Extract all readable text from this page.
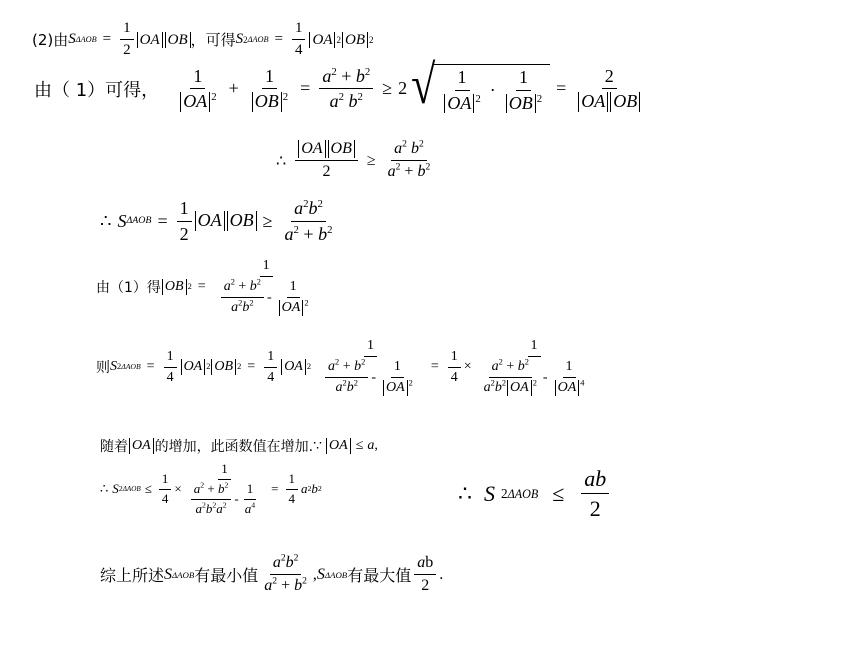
(2)由 S $\Delta AOB = \frac{1}{2}$ OA OB ，可得 S 2 $\Delta AOB = \frac{1}{4}$ OA 2 OB 2
由（ 1）可得， $\frac{1}{OA ^2} + \frac{1}{OB ^2} = \frac{a^2 + b^2}{a^2 b^2} \ge 2$ √ $\frac{1}{OA ^2} \cdot \frac{1}{OB ^2} = \frac{2}{\text{OA OB}}$
∴ $\frac{\text{OA OB}}{2} \ge \frac{a^2 b^2}{a^2 + b^2}$
∴ S $\Delta AOB = \frac{1}{2}$ OA OB ≥ $\frac{a^2b^2}{a^2 + b^2}$
由（1）得 OB $2 = \frac{1}{\frac{a^2 + b^2}{a^2b^2} - \frac{1}{OA ^2}}$
则 S 2 $\Delta AOB = \frac{1}{4}$ OA 2 OB $2 = \frac{1}{4}$ OA $2 \frac{1}{\frac{a^2 + b^2}{a^2b^2} - \frac{1}{OA ^2}} = \frac{1}{4} \times \frac{1}{\frac{a^2 + b^2}{a^2b^2 OA ^2} - \frac{1}{OA ^4}}$
随着 OA 的增加，此函数值在增加. ∵ OA ≤ a ,
∴ S 2 $\Delta AOB \le \frac{1}{4} \times \frac{1}{\frac{a^2 + b^2}{a^2b^2a^2} - \frac{1}{a^4}} = \frac{1}{4}$ a 2 b 2	∴ S 2 $\Delta AOB \le \frac{ab}{2}$
综上所述 S ΔAOB 有最小值 $\frac{a^2b^2}{a^2 + b^2}$ , S ΔAOB 有最大值 $\frac{ab}{2}$ .
